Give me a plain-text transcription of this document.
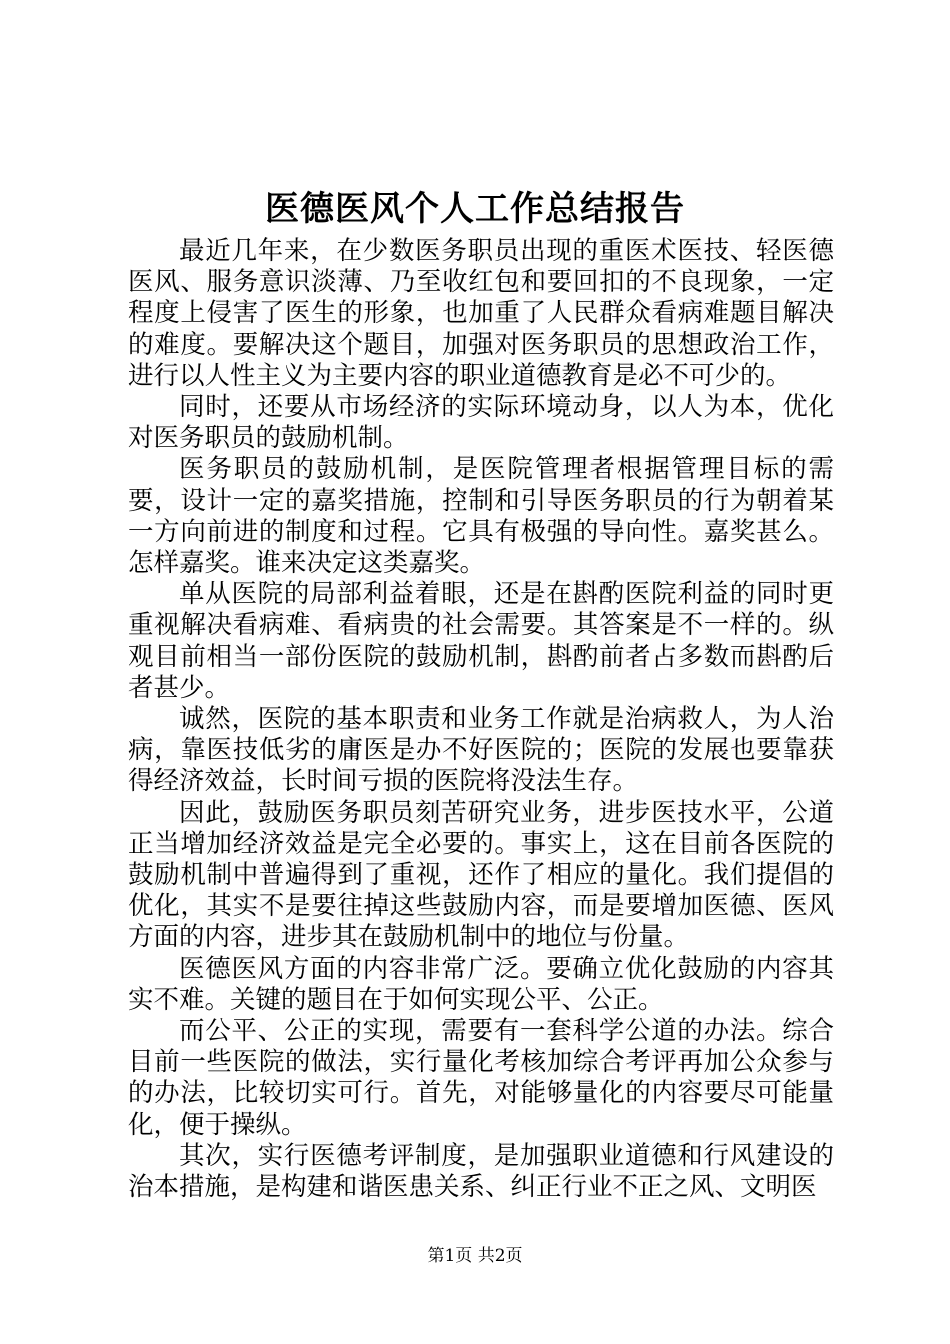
医德医风个人工作总结报告

最近几年来，在少数医务职员出现的重医术医技、轻医德医风、服务意识淡薄、乃至收红包和要回扣的不良现象，一定程度上侵害了医生的形象，也加重了人民群众看病难题目解决的难度。要解决这个题目，加强对医务职员的思想政治工作，进行以人性主义为主要内容的职业道德教育是必不可少的。

同时，还要从市场经济的实际环境动身，以人为本，优化对医务职员的鼓励机制。

医务职员的鼓励机制，是医院管理者根据管理目标的需要，设计一定的嘉奖措施，控制和引导医务职员的行为朝着某一方向前进的制度和过程。它具有极强的导向性。嘉奖甚么。怎样嘉奖。谁来决定这类嘉奖。

单从医院的局部利益着眼，还是在斟酌医院利益的同时更重视解决看病难、看病贵的社会需要。其答案是不一样的。纵观目前相当一部份医院的鼓励机制，斟酌前者占多数而斟酌后者甚少。

诚然，医院的基本职责和业务工作就是治病救人，为人治病，靠医技低劣的庸医是办不好医院的；医院的发展也要靠获得经济效益，长时间亏损的医院将没法生存。

因此，鼓励医务职员刻苦研究业务，进步医技水平，公道正当增加经济效益是完全必要的。事实上，这在目前各医院的鼓励机制中普遍得到了重视，还作了相应的量化。我们提倡的优化，其实不是要往掉这些鼓励内容，而是要增加医德、医风方面的内容，进步其在鼓励机制中的地位与份量。

医德医风方面的内容非常广泛。要确立优化鼓励的内容其实不难。关键的题目在于如何实现公平、公正。

而公平、公正的实现，需要有一套科学公道的办法。综合目前一些医院的做法，实行量化考核加综合考评再加公众参与的办法，比较切实可行。首先，对能够量化的内容要尽可能量化，便于操纵。

其次，实行医德考评制度，是加强职业道德和行风建设的治本措施，是构建和谐医患关系、纠正行业不正之风、文明医

第1页 共2页
